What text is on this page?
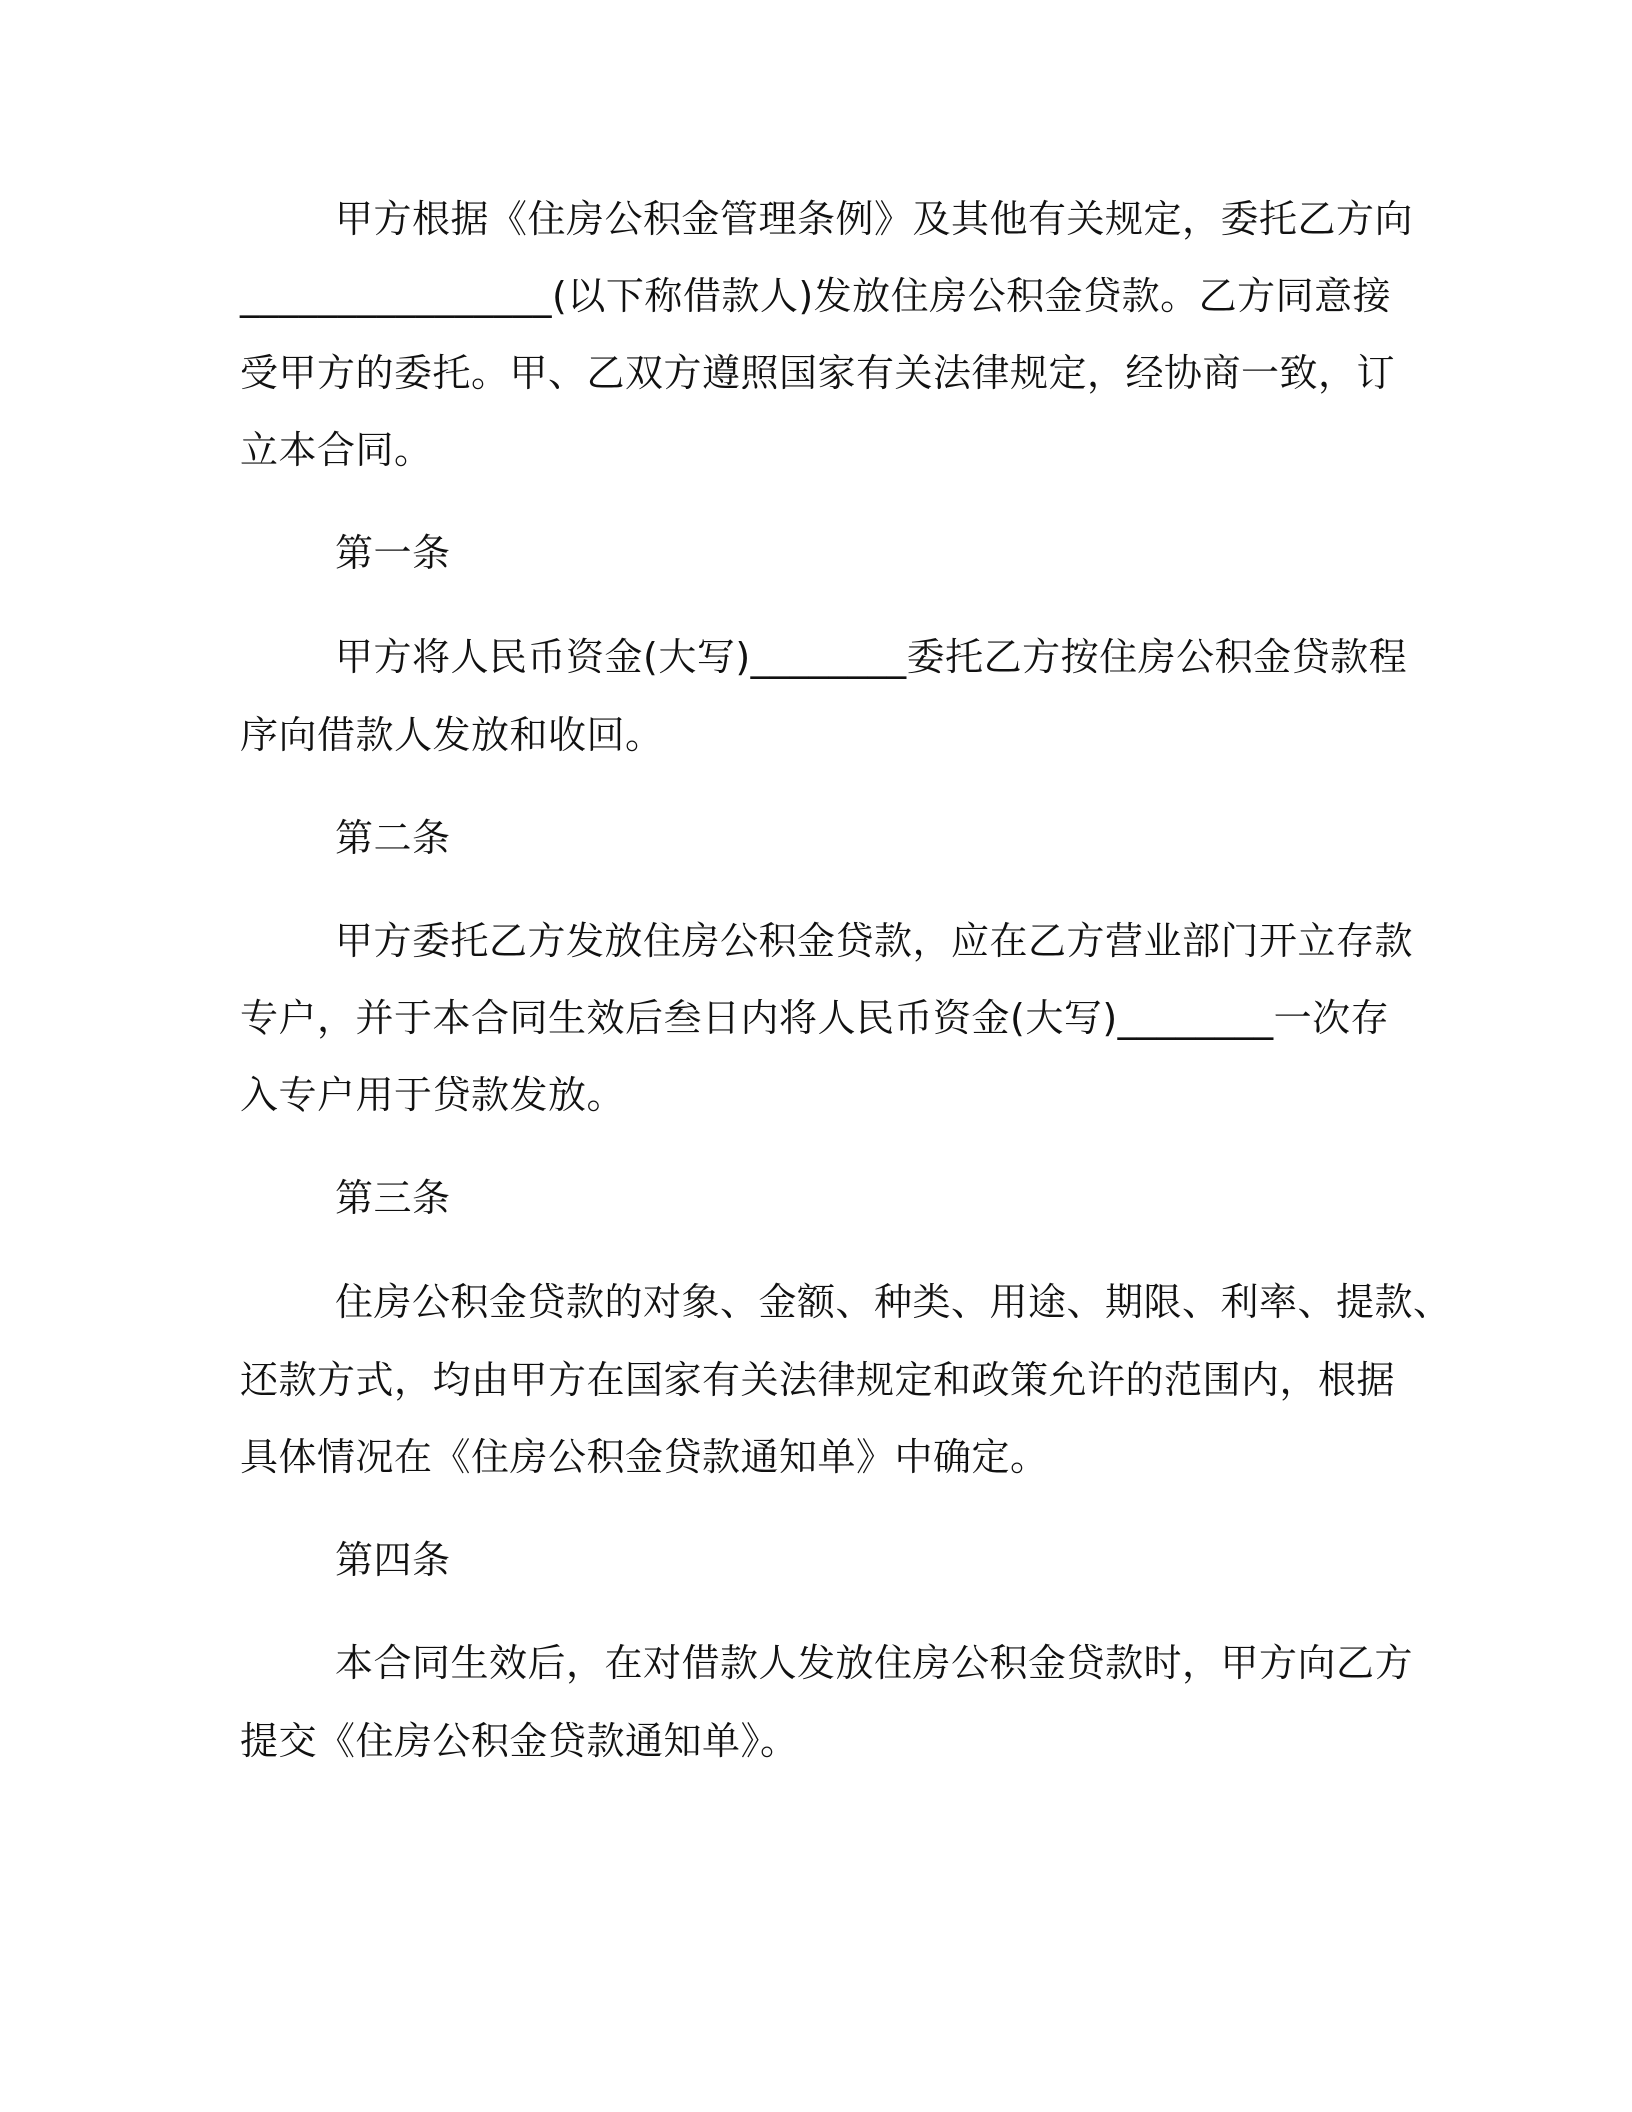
甲方根据《住房公积金管理条例》及其他有关规定，委托乙方向

________________(以下称借款人)发放住房公积金贷款。乙方同意接

受甲方的委托。甲、乙双方遵照国家有关法律规定，经协商一致，订

立本合同。

第一条

甲方将人民币资金(大写)________委托乙方按住房公积金贷款程

序向借款人发放和收回。

第二条

甲方委托乙方发放住房公积金贷款，应在乙方营业部门开立存款

专户，并于本合同生效后叁日内将人民币资金(大写)________一次存

入专户用于贷款发放。

第三条

住房公积金贷款的对象、金额、种类、用途、期限、利率、提款、

还款方式，均由甲方在国家有关法律规定和政策允许的范围内，根据

具体情况在《住房公积金贷款通知单》中确定。

第四条

本合同生效后，在对借款人发放住房公积金贷款时，甲方向乙方

提交《住房公积金贷款通知单》。
